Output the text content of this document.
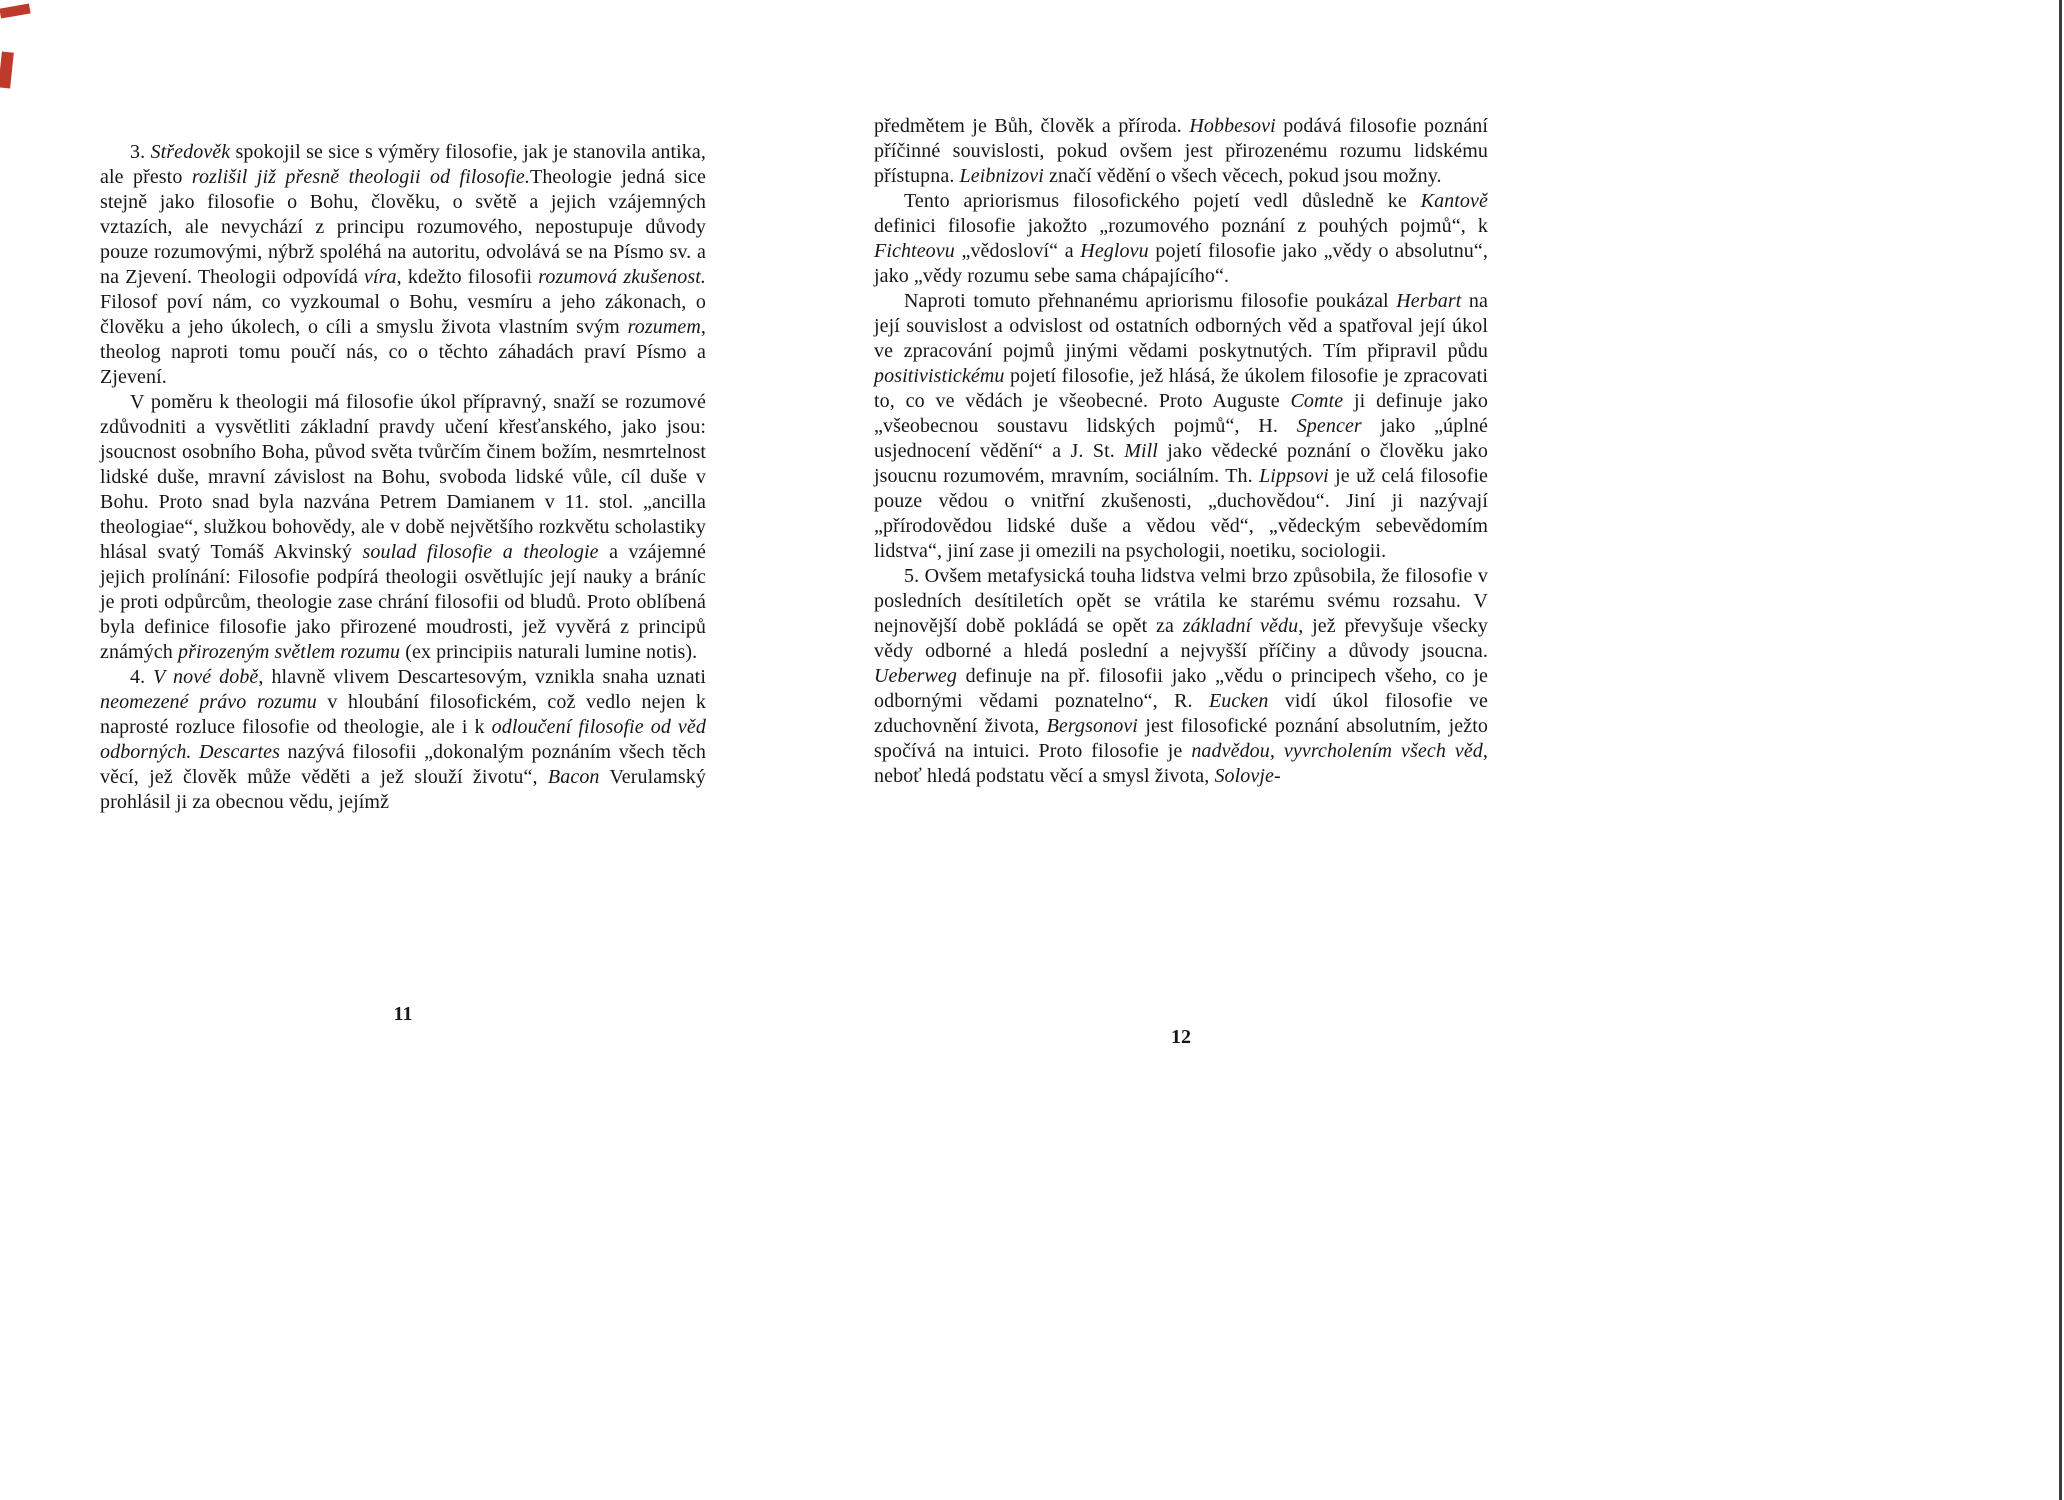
3. Středověk spokojil se sice s výměry filosofie, jak je stanovila antika, ale přesto rozlišil již přesně theologii od filosofie.Theologie jedná sice stejně jako filosofie o Bohu, člověku, o světě a jejich vzájemných vztazích, ale nevychází z principu rozumového, nepostupuje důvody pouze rozumovými, nýbrž spoléhá na autoritu, odvolává se na Písmo sv. a na Zjevení. Theologii odpovídá víra, kdežto filosofii rozumová zkušenost. Filosof poví nám, co vyzkoumal o Bohu, vesmíru a jeho zákonach, o člověku a jeho úkolech, o cíli a smyslu života vlastním svým rozumem, theolog naproti tomu poučí nás, co o těchto záhadách praví Písmo a Zjevení.

V poměru k theologii má filosofie úkol přípravný, snaží se rozumové zdůvodniti a vysvětliti základní pravdy učení křesťanského, jako jsou: jsoucnost osobního Boha, původ světa tvůrčím činem božím, nesmrtelnost lidské duše, mravní závislost na Bohu, svoboda lidské vůle, cíl duše v Bohu. Proto snad byla nazvána Petrem Damianem v 11. stol. „ancilla theologiae“, služkou bohovědy, ale v době největšího rozkvětu scholastiky hlásal svatý Tomáš Akvinský soulad filosofie a theologie a vzájemné jejich prolínání: Filosofie podpírá theologii osvětlujíc její nauky a bráníc je proti odpůrcům, theologie zase chrání filosofii od bludů. Proto oblíbená byla definice filosofie jako přirozené moudrosti, jež vyvěrá z principů známých přirozeným světlem rozumu (ex principiis naturali lumine notis).

4. V nové době, hlavně vlivem Descartesovým, vznikla snaha uznati neomezené právo rozumu v hloubání filosofickém, což vedlo nejen k naprosté rozluce filosofie od theologie, ale i k odloučení filosofie od věd odborných. Descartes nazývá filosofii „dokonalým poznáním všech těch věcí, jež člověk může věděti a jež slouží životu“, Bacon Verulamský prohlásil ji za obecnou vědu, jejímž

11

předmětem je Bůh, člověk a příroda. Hobbesovi podává filosofie poznání příčinné souvislosti, pokud ovšem jest přirozenému rozumu lidskému přístupna. Leibnizovi značí vědění o všech věcech, pokud jsou možny.

Tento apriorismus filosofického pojetí vedl důsledně ke Kantově definici filosofie jakožto „rozumového poznání z pouhých pojmů“, k Fichteovu „vědosloví“ a Heglovu pojetí filosofie jako „vědy o absolutnu“, jako „vědy rozumu sebe sama chápajícího“.

Naproti tomuto přehnanému apriorismu filosofie poukázal Herbart na její souvislost a odvislost od ostatních odborných věd a spatřoval její úkol ve zpracování pojmů jinými vědami poskytnutých. Tím připravil půdu positivistickému pojetí filosofie, jež hlásá, že úkolem filosofie je zpracovati to, co ve vědách je všeobecné. Proto Auguste Comte ji definuje jako „všeobecnou soustavu lidských pojmů“, H. Spencer jako „úplné usjednocení vědění“ a J. St. Mill jako vědecké poznání o člověku jako jsoucnu rozumovém, mravním, sociálním. Th. Lippsovi je už celá filosofie pouze vědou o vnitřní zkušenosti, „duchovědou“. Jiní ji nazývají „přírodovědou lidské duše a vědou věd“, „vědeckým sebevědomím lidstva“, jiní zase ji omezili na psychologii, noetiku, sociologii.

5. Ovšem metafysická touha lidstva velmi brzo způsobila, že filosofie v posledních desítiletích opět se vrátila ke starému svému rozsahu. V nejnovější době pokládá se opět za základní vědu, jež převyšuje všecky vědy odborné a hledá poslední a nejvyšší příčiny a důvody jsoucna. Ueberweg definuje na př. filosofii jako „vědu o principech všeho, co je odbornými vědami poznatelno“, R. Eucken vidí úkol filosofie ve zduchovnění života, Bergsonovi jest filosofické poznání absolutním, ježto spočívá na intuici. Proto filosofie je nadvědou, vyvrcholením všech věd, neboť hledá podstatu věcí a smysl života, Solovje-

12
